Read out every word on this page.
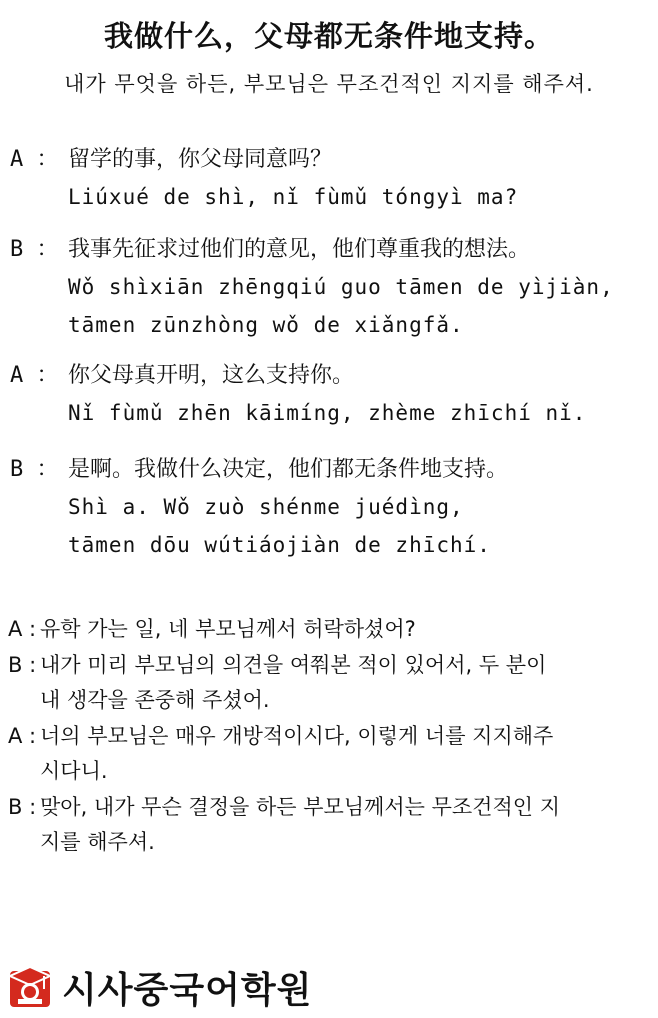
我做什么，父母都无条件地支持。
내가 무엇을 하든, 부모님은 무조건적인 지지를 해주셔.
A ： 留学的事，你父母同意吗？
Liúxué de shì, nǐ fùmǔ tóngyì ma?
B ： 我事先征求过他们的意见，他们尊重我的想法。
Wǒ shìxiān zhēngqiú guo tāmen de yìjiàn,
tāmen zūnzhòng wǒ de xiǎngfǎ.
A ： 你父母真开明，这么支持你。
Nǐ fùmǔ zhēn kāimíng, zhème zhīchí nǐ.
B ： 是啊。我做什么决定，他们都无条件地支持。
Shì a. Wǒ zuò shénme juédìng,
tāmen dōu wútiáojiàn de zhīchí.
A : 유학 가는 일, 네 부모님께서 허락하셨어?
B : 내가 미리 부모님의 의견을 여쭤본 적이 있어서, 두 분이
내 생각을 존중해 주셨어.
A : 너의 부모님은 매우 개방적이시다, 이렇게 너를 지지해주
시다니.
B : 맞아, 내가 무슨 결정을 하든 부모님께서는 무조건적인 지
지를 해주셔.
시사중국어학원
